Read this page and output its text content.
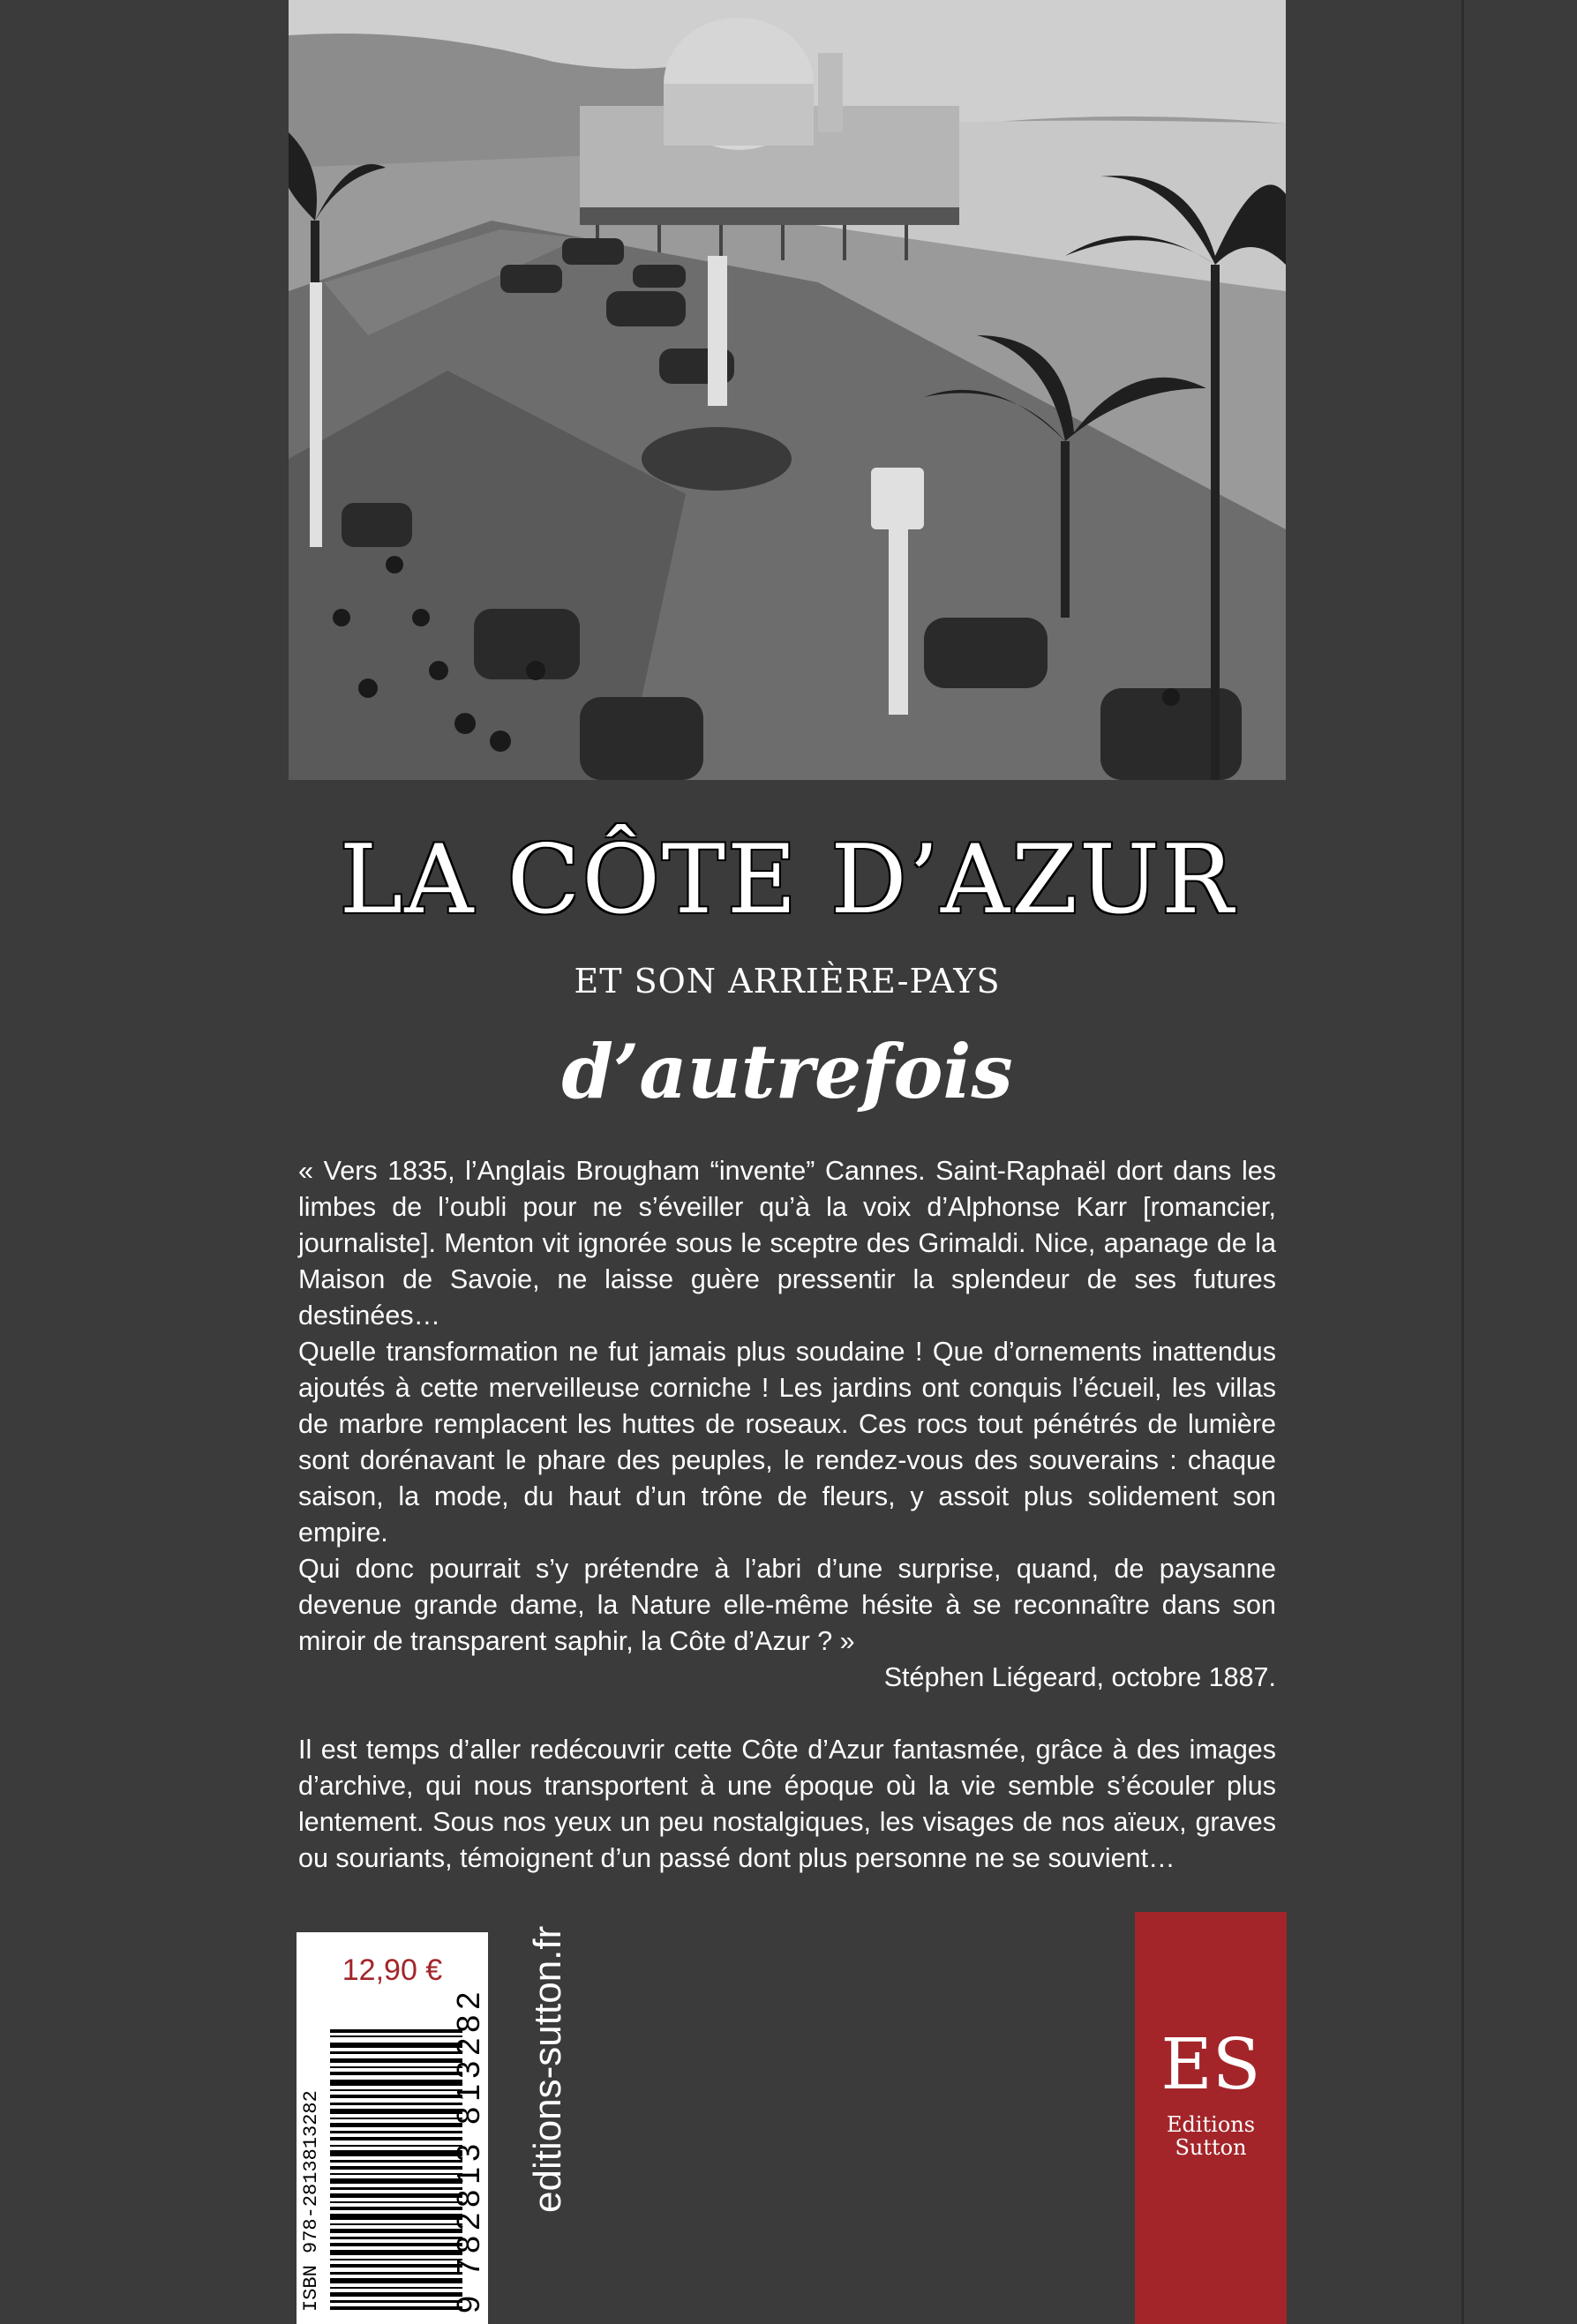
LA CÔTE D’AZUR
ET SON ARRIÈRE-PAYS
d’autrefois

« Vers 1835, l’Anglais Brougham “invente” Cannes. Saint-Raphaël dort dans les limbes de l’oubli pour ne s’éveiller qu’à la voix d’Alphonse Karr [romancier, journaliste]. Menton vit ignorée sous le sceptre des Grimaldi. Nice, apanage de la Maison de Savoie, ne laisse guère pressentir la splendeur de ses futures destinées…

Quelle transformation ne fut jamais plus soudaine ! Que d’ornements inattendus ajoutés à cette merveilleuse corniche ! Les jardins ont conquis l’écueil, les villas de marbre remplacent les huttes de roseaux. Ces rocs tout pénétrés de lumière sont dorénavant le phare des peuples, le rendez-vous des souverains : chaque saison, la mode, du haut d’un trône de fleurs, y assoit plus solidement son empire.

Qui donc pourrait s’y prétendre à l’abri d’une surprise, quand, de paysanne devenue grande dame, la Nature elle-même hésite à se reconnaître dans son miroir de transparent saphir, la Côte d’Azur ? »

Stéphen Liégeard, octobre 1887.

Il est temps d’aller redécouvrir cette Côte d’Azur fantasmée, grâce à des images d’archive, qui nous transportent à une époque où la vie semble s’écouler plus lentement. Sous nos yeux un peu nostalgiques, les visages de nos aïeux, graves ou souriants, témoignent d’un passé dont plus personne ne se souvient…

12,90 €
ISBN 978-2813813282	9 782813 813282 editions-sutton.fr	ES
Editions
Sutton
